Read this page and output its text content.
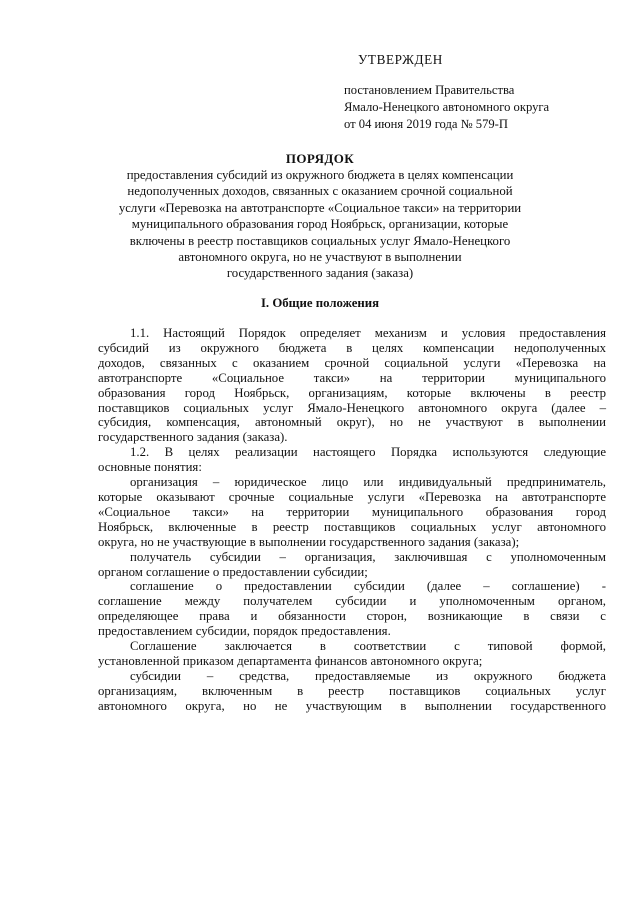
УТВЕРЖДЕН
постановлением Правительства
Ямало-Ненецкого автономного округа
от 04 июня 2019 года № 579-П
ПОРЯДОК
предоставления субсидий из окружного бюджета в целях компенсации
недополученных доходов, связанных с оказанием срочной социальной
услуги «Перевозка на автотранспорте «Социальное такси» на территории
муниципального образования город Ноябрьск, организации, которые
включены в реестр поставщиков социальных услуг Ямало-Ненецкого
автономного округа, но не участвуют в выполнении
государственного задания (заказа)
I. Общие положения
1.1. Настоящий Порядок определяет механизм и условия предоставления
субсидий из окружного бюджета в целях компенсации недополученных
доходов, связанных с оказанием срочной социальной услуги «Перевозка на
автотранспорте «Социальное такси» на территории муниципального
образования город Ноябрьск, организациям, которые включены в реестр
поставщиков социальных услуг Ямало-Ненецкого автономного округа (далее –
субсидия, компенсация, автономный округ), но не участвуют в выполнении
государственного задания (заказа).
1.2. В целях реализации настоящего Порядка используются следующие
основные понятия:
организация – юридическое лицо или индивидуальный предприниматель,
которые оказывают срочные социальные услуги «Перевозка на автотранспорте
«Социальное такси» на территории муниципального образования город
Ноябрьск, включенные в реестр поставщиков социальных услуг автономного
округа, но не участвующие в выполнении государственного задания (заказа);
получатель субсидии – организация, заключившая с уполномоченным
органом соглашение о предоставлении субсидии;
соглашение о предоставлении субсидии (далее – соглашение) -
соглашение между получателем субсидии и уполномоченным органом,
определяющее права и обязанности сторон, возникающие в связи с
предоставлением субсидии, порядок предоставления.
Соглашение заключается в соответствии с типовой формой,
установленной приказом департамента финансов автономного округа;
субсидии – средства, предоставляемые из окружного бюджета
организациям, включенным в реестр поставщиков социальных услуг
автономного округа, но не участвующим в выполнении государственного
